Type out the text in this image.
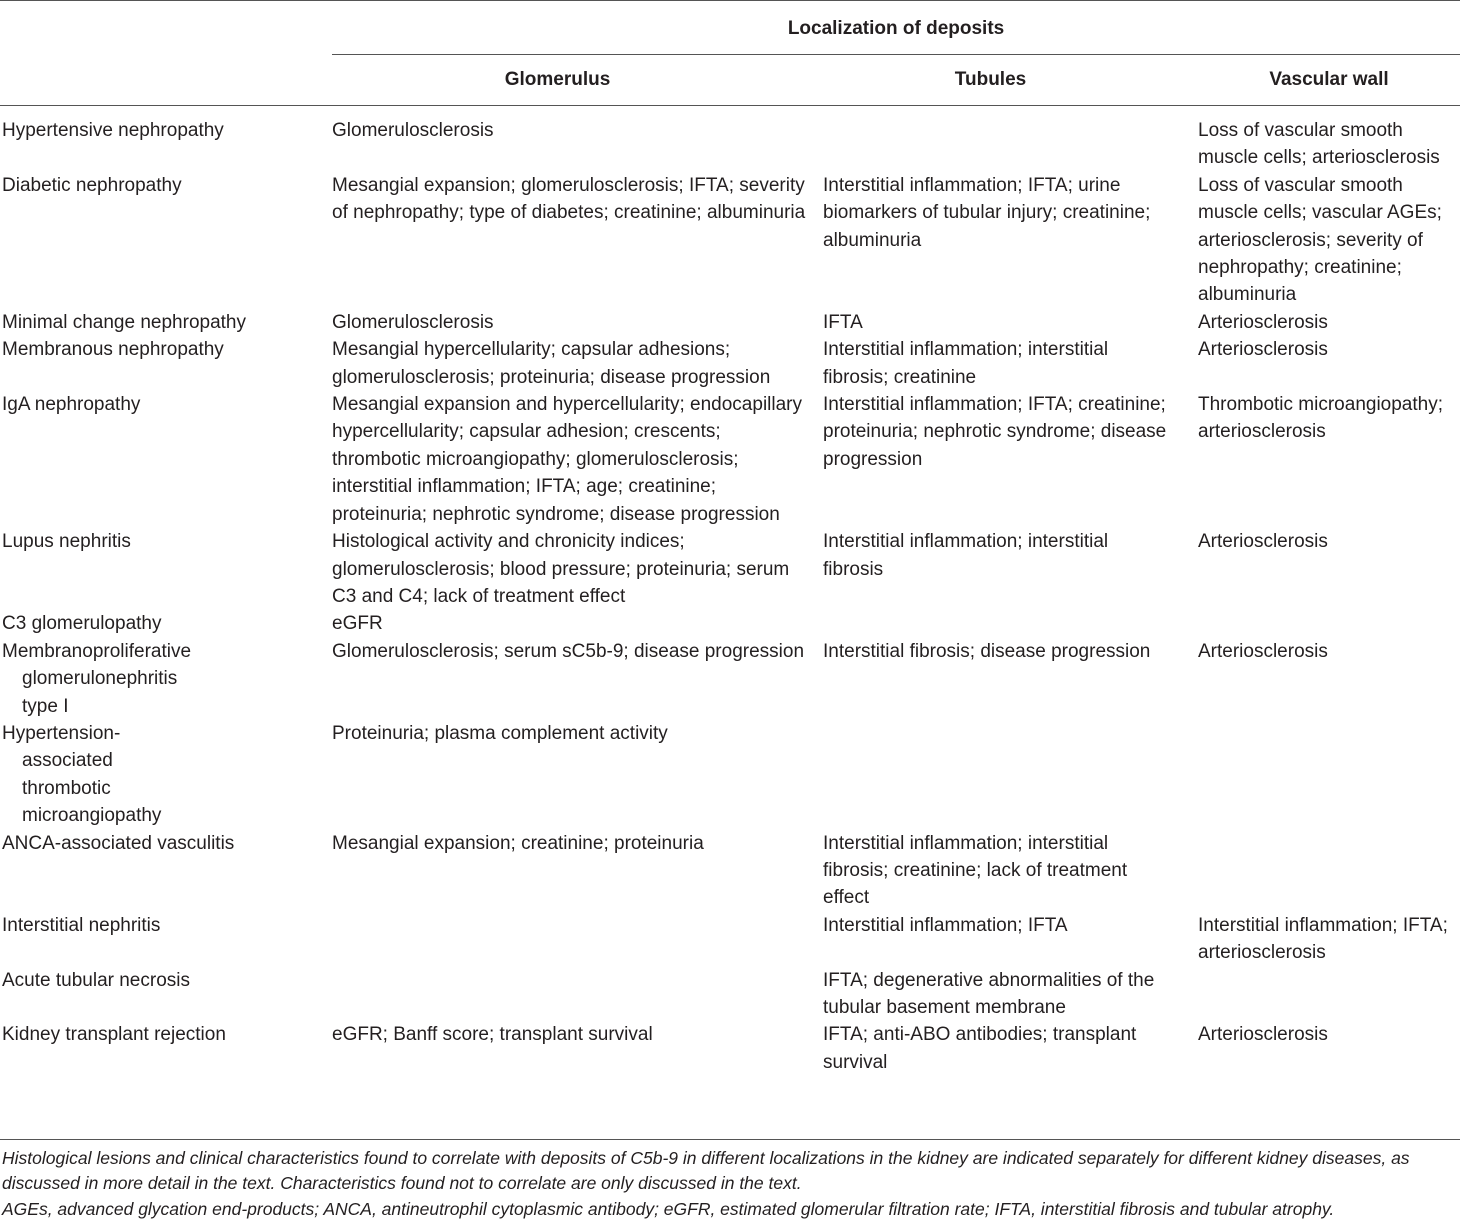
	Localization of deposits		
	Glomerulus	Tubules	Vascular wall

Hypertensive nephropathy	Glomerulosclerosis		Loss of vascular smooth muscle cells; arteriosclerosis

Diabetic nephropathy	Mesangial expansion; glomerulosclerosis; IFTA; severity of nephropathy; type of diabetes; creatinine; albuminuria	Interstitial inflammation; IFTA; urine biomarkers of tubular injury; creatinine; albuminuria	Loss of vascular smooth muscle cells; vascular AGEs; arteriosclerosis; severity of nephropathy; creatinine; albuminuria

Minimal change nephropathy	Glomerulosclerosis	IFTA	Arteriosclerosis

Membranous nephropathy	Mesangial hypercellularity; capsular adhesions; glomerulosclerosis; proteinuria; disease progression	Interstitial inflammation; interstitial fibrosis; creatinine	Arteriosclerosis

IgA nephropathy	Mesangial expansion and hypercellularity; endocapillary hypercellularity; capsular adhesion; crescents; thrombotic microangiopathy; glomerulosclerosis; interstitial inflammation; IFTA; age; creatinine; proteinuria; nephrotic syndrome; disease progression	Interstitial inflammation; IFTA; creatinine; proteinuria; nephrotic syndrome; disease progression	Thrombotic microangiopathy; arteriosclerosis

Lupus nephritis	Histological activity and chronicity indices; glomerulosclerosis; blood pressure; proteinuria; serum C3 and C4; lack of treatment effect	Interstitial inflammation; interstitial fibrosis	Arteriosclerosis

C3 glomerulopathy	eGFR		

Membranoproliferative
glomerulonephritis
type I	Glomerulosclerosis; serum sC5b-9; disease progression	Interstitial fibrosis; disease progression	Arteriosclerosis

Hypertension-
associated
thrombotic
microangiopathy	Proteinuria; plasma complement activity		

ANCA-associated vasculitis	Mesangial expansion; creatinine; proteinuria	Interstitial inflammation; interstitial fibrosis; creatinine; lack of treatment effect	

Interstitial nephritis		Interstitial inflammation; IFTA	Interstitial inflammation; IFTA; arteriosclerosis

Acute tubular necrosis		IFTA; degenerative abnormalities of the tubular basement membrane	

Kidney transplant rejection	eGFR; Banff score; transplant survival	IFTA; anti-ABO antibodies; transplant survival	Arteriosclerosis

Histological lesions and clinical characteristics found to correlate with deposits of C5b-9 in different localizations in the kidney are indicated separately for different kidney diseases, as discussed in more detail in the text. Characteristics found not to correlate are only discussed in the text.

AGEs, advanced glycation end-products; ANCA, antineutrophil cytoplasmic antibody; eGFR, estimated glomerular filtration rate; IFTA, interstitial fibrosis and tubular atrophy.
